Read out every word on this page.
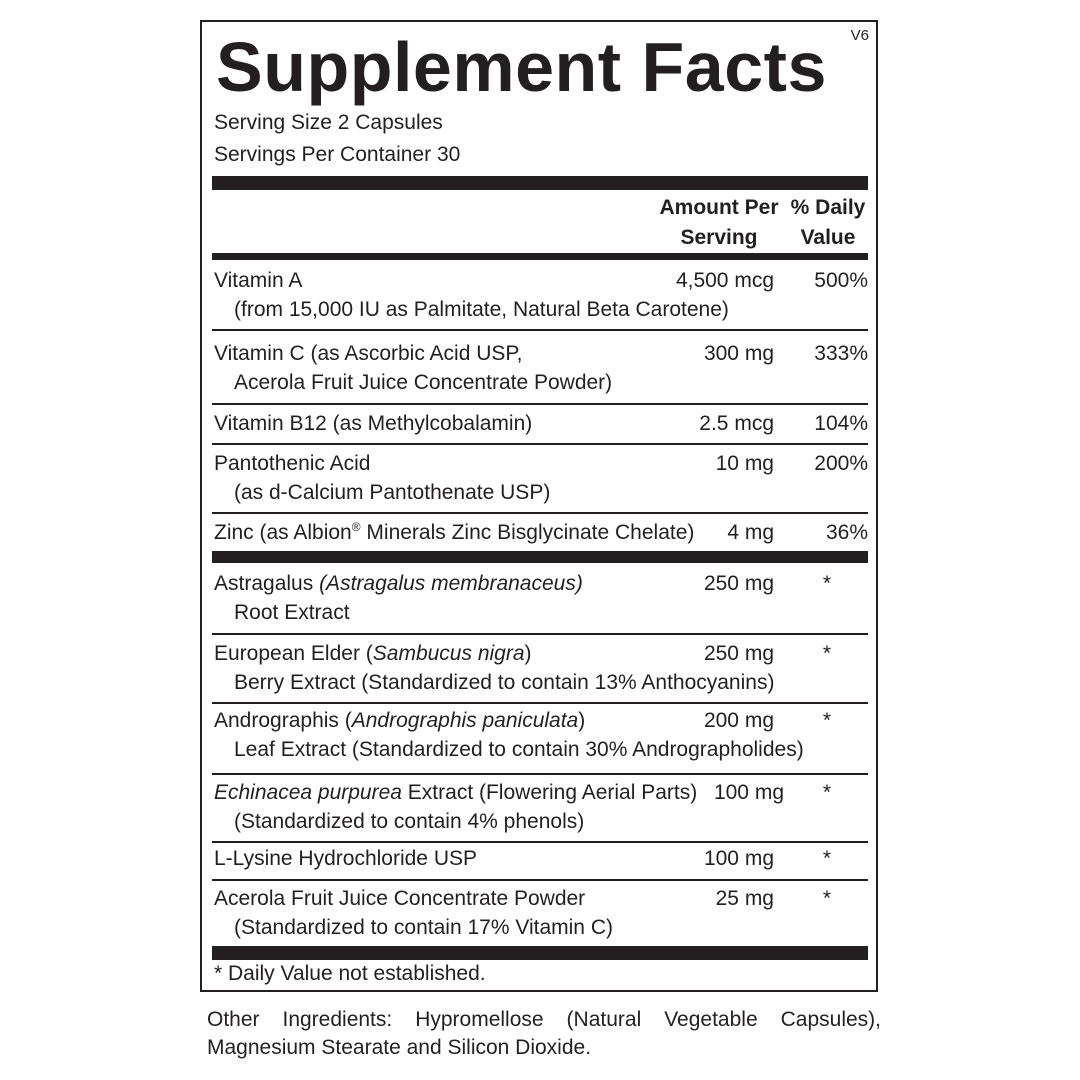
Supplement Facts V6
Serving Size 2 Capsules
Servings Per Container 30
Amount Per
Serving
% Daily
Value
Vitamin A
(from 15,000 IU as Palmitate, Natural Beta Carotene)
4,500 mcg	500%
Vitamin C (as Ascorbic Acid USP,
Acerola Fruit Juice Concentrate Powder)
300 mg	333%
Vitamin B12 (as Methylcobalamin)	2.5 mcg	104%
Pantothenic Acid
(as d-Calcium Pantothenate USP)
10 mg	200%
Zinc (as Albion® Minerals Zinc Bisglycinate Chelate) 4 mg	36%
Astragalus (Astragalus membranaceus)
Root Extract
250 mg	*
European Elder (Sambucus nigra)
Berry Extract (Standardized to contain 13% Anthocyanins)
250 mg	*
Andrographis (Andrographis paniculata)
Leaf Extract (Standardized to contain 30% Andrographolides)
200 mg	*
Echinacea purpurea Extract (Flowering Aerial Parts)
(Standardized to contain 4% phenols)
100 mg	*
L-Lysine Hydrochloride USP	100 mg	*
Acerola Fruit Juice Concentrate Powder
(Standardized to contain 17% Vitamin C)
25 mg	*
* Daily Value not established.
Other Ingredients: Hypromellose (Natural Vegetable Capsules), Magnesium Stearate and Silicon Dioxide.
